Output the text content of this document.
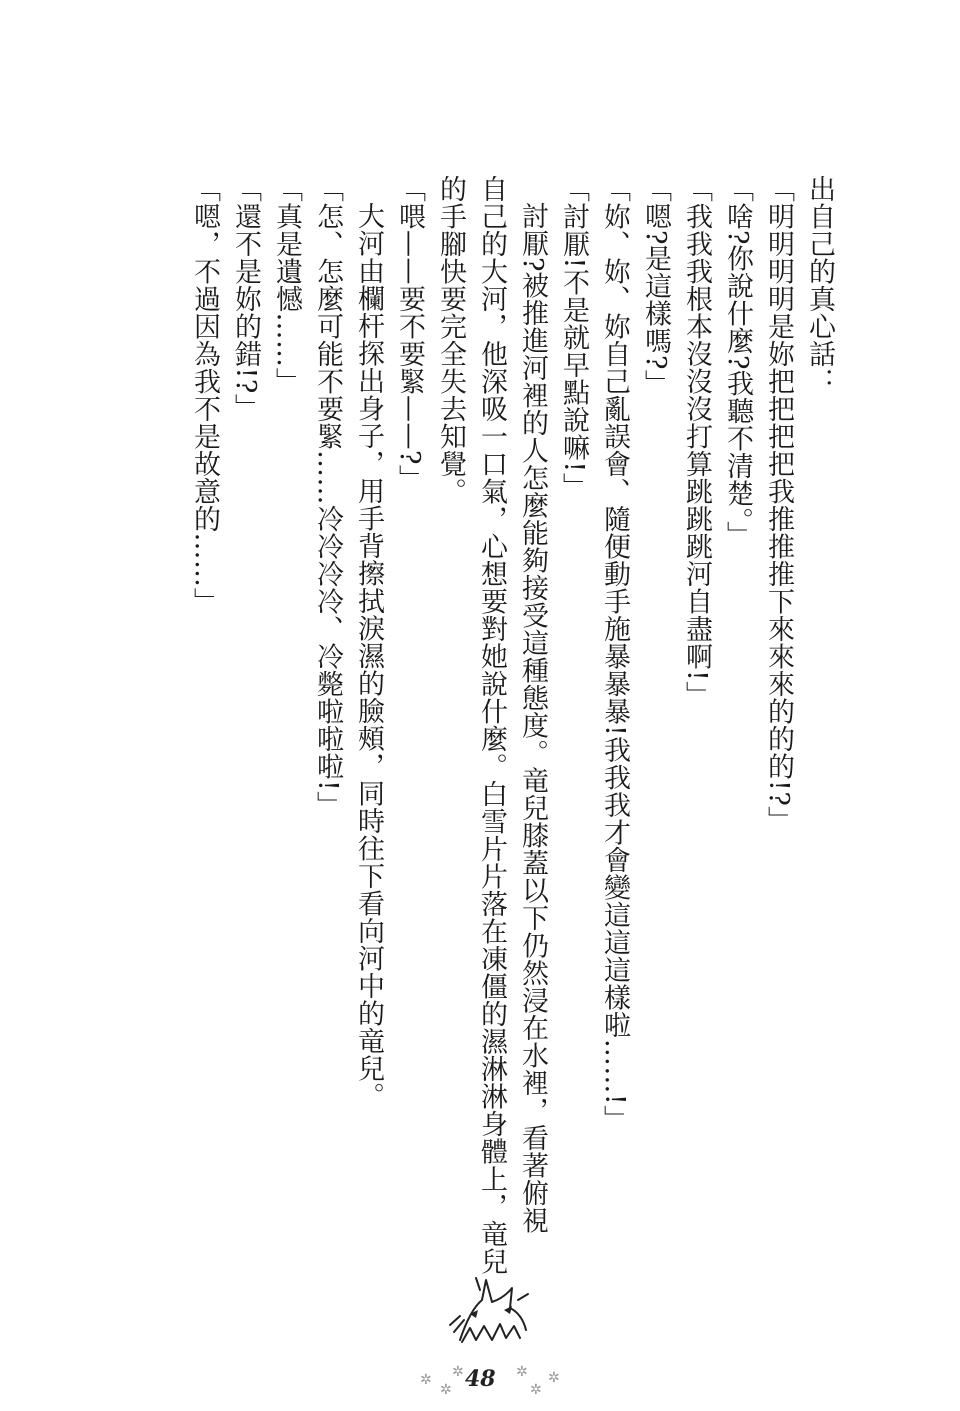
出自己的真心話：
「明明明明是妳把把把把我推推推下來來來的的的!?」
「啥?你說什麼?我聽不清楚。」
「我我我根本沒沒沒打算跳跳跳河自盡啊!」
「嗯?是這樣嗎?」
「妳、妳、妳自己亂誤會、隨便動手施暴暴暴!我我我才會變這這這樣啦……!」
「討厭!不是就早點說嘛!」
討厭?被推進河裡的人怎麼能夠接受這種態度。竜兒膝蓋以下仍然浸在水裡，看著俯視
自己的大河，他深吸一口氣，心想要對她說什麼。白雪片片落在凍僵的濕淋淋身體上，竜兒
的手腳快要完全失去知覺。
「喂——要不要緊——?」
大河由欄杆探出身子，用手背擦拭淚濕的臉頰，同時往下看向河中的竜兒。
「怎、怎麼可能不要緊……冷冷冷冷、冷斃啦啦啦!」
「真是遺憾……」
「還不是妳的錯!?」
「嗯，不過因為我不是故意的……」
✲
✲
✲ 48 ✲
✲
✲
